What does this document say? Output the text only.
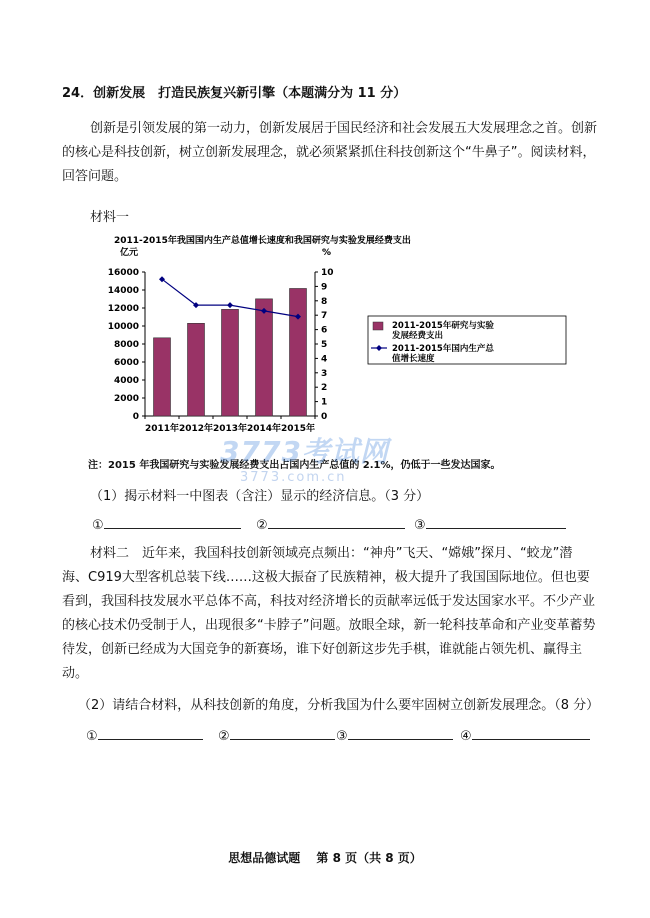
24．创新发展　打造民族复兴新引擎（本题满分为 11 分）
创新是引领发展的第一动力，创新发展居于国民经济和社会发展五大发展理念之首。创新的核心是科技创新，树立创新发展理念，就必须紧紧抓住科技创新这个“牛鼻子”。阅读材料，回答问题。
材料一
2011-2015年我国国内生产总值增长速度和我国研究与实验发展经费支出
亿元	%
0
2000
4000
6000
8000
10000
12000
14000
16000
0
1
2
3
4
5
6
7
8
9
10
2011年 2012年 2013年 2014年 2015年
2011-2015年研究与实验发展经费支出
2011-2015年国内生产总值增长速度
注：2015 年我国研究与实验发展经费支出占国内生产总值的 2.1%，仍低于一些发达国家。
3773考试网
3773.com.cn
（1）揭示材料一中图表（含注）显示的经济信息。（3 分）
①	②	③
材料二　近年来，我国科技创新领域亮点频出：“神舟”飞天、“嫦娥”探月、“蛟龙”潜海、C919大型客机总装下线……这极大振奋了民族精神，极大提升了我国国际地位。但也要看到，我国科技发展水平总体不高，科技对经济增长的贡献率远低于发达国家水平。不少产业的核心技术仍受制于人，出现很多“卡脖子”问题。放眼全球，新一轮科技革命和产业变革蓄势待发，创新已经成为大国竞争的新赛场，谁下好创新这步先手棋，谁就能占领先机、赢得主动。
（2）请结合材料，从科技创新的角度，分析我国为什么要牢固树立创新发展理念。（8 分）
①	②	③	④
思想品德试题 第 8 页（共 8 页）
